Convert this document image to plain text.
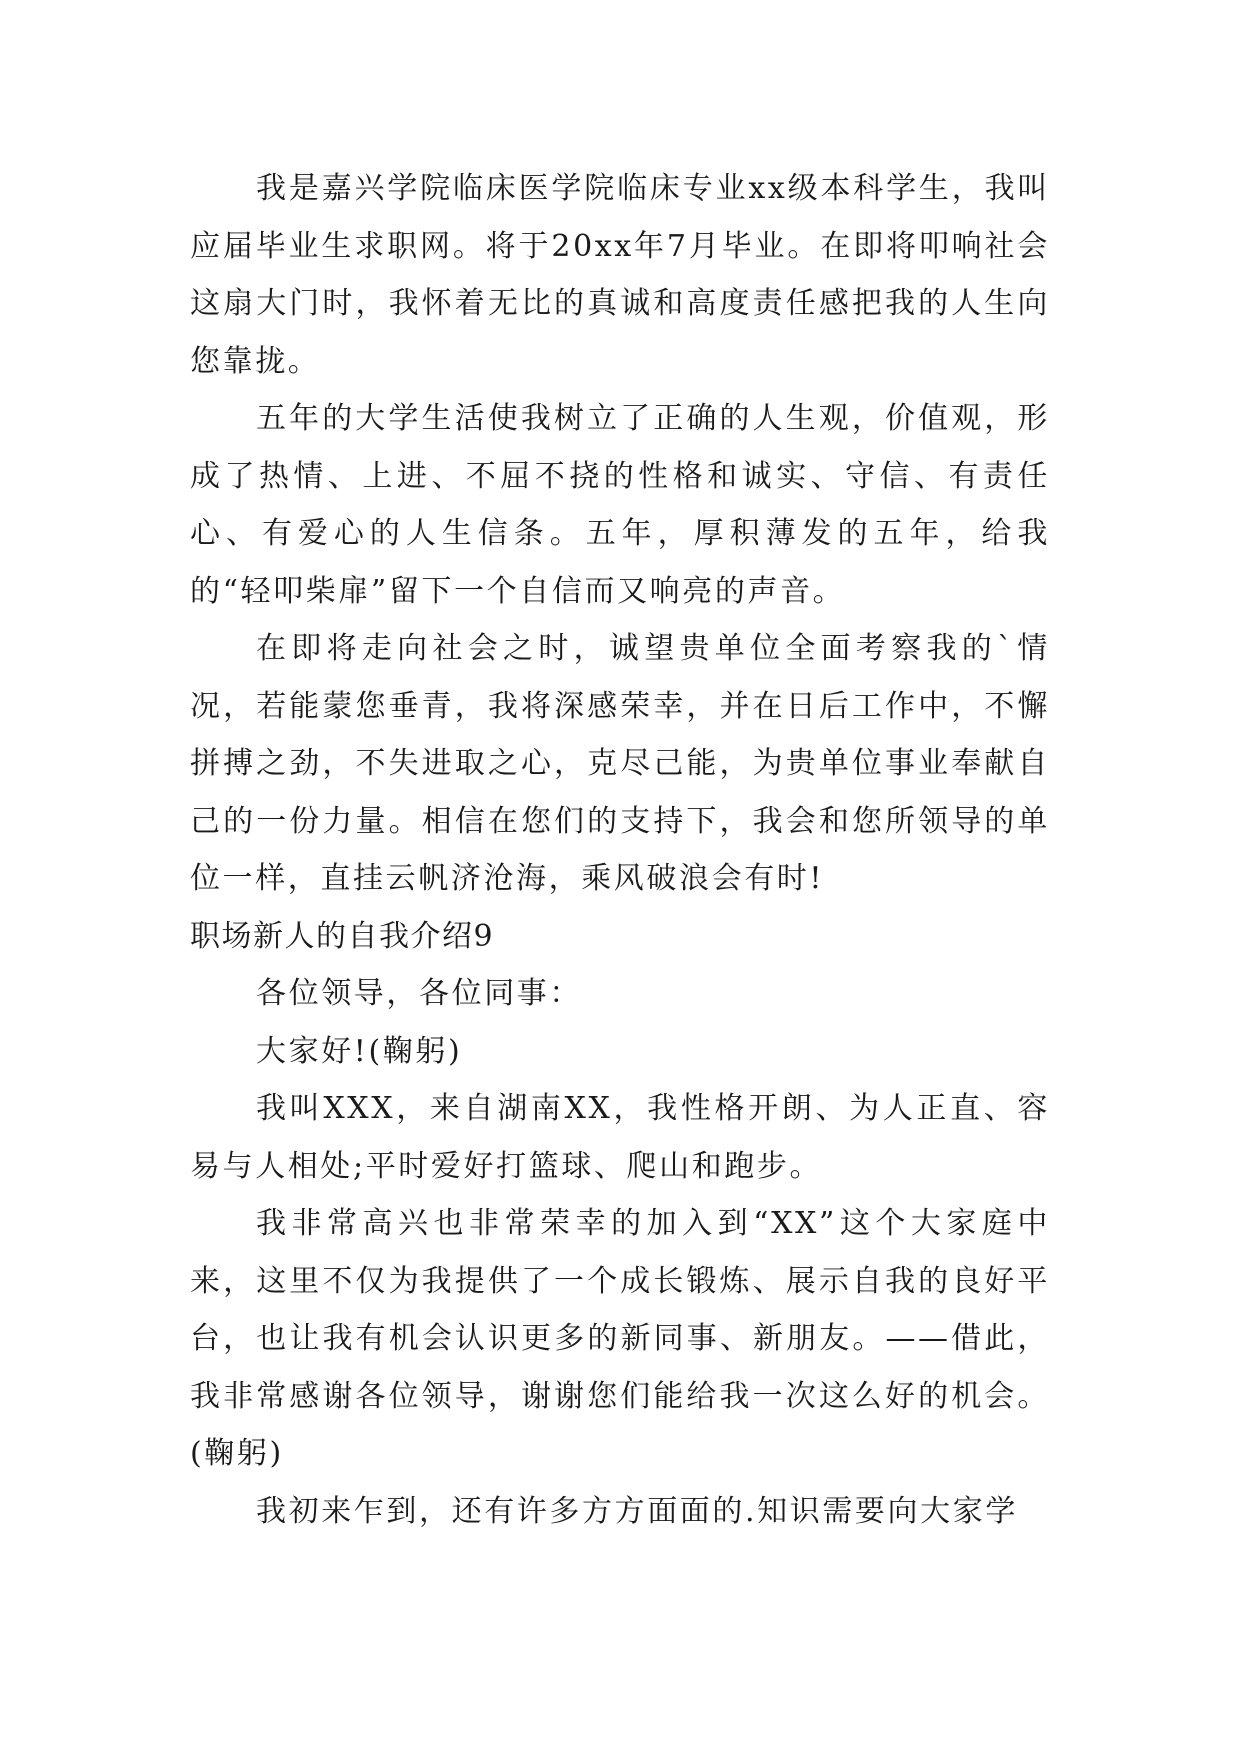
我是嘉兴学院临床医学院临床专业xx级本科学生，我叫应届毕业生求职网。将于20xx年7月毕业。在即将叩响社会这扇大门时，我怀着无比的真诚和高度责任感把我的人生向您靠拢。

五年的大学生活使我树立了正确的人生观，价值观，形成了热情、上进、不屈不挠的性格和诚实、守信、有责任心、有爱心的人生信条。五年，厚积薄发的五年，给我的“轻叩柴扉”留下一个自信而又响亮的声音。

在即将走向社会之时，诚望贵单位全面考察我的`情况，若能蒙您垂青，我将深感荣幸，并在日后工作中，不懈拼搏之劲，不失进取之心，克尽己能，为贵单位事业奉献自己的一份力量。相信在您们的支持下，我会和您所领导的单位一样，直挂云帆济沧海，乘风破浪会有时!

职场新人的自我介绍9

各位领导，各位同事：

大家好!(鞠躬)

我叫XXX，来自湖南XX，我性格开朗、为人正直、容易与人相处;平时爱好打篮球、爬山和跑步。

我非常高兴也非常荣幸的加入到“XX”这个大家庭中来，这里不仅为我提供了一个成长锻炼、展示自我的良好平台，也让我有机会认识更多的新同事、新朋友。——借此，我非常感谢各位领导，谢谢您们能给我一次这么好的机会。(鞠躬)

我初来乍到，还有许多方方面面的.知识需要向大家学
